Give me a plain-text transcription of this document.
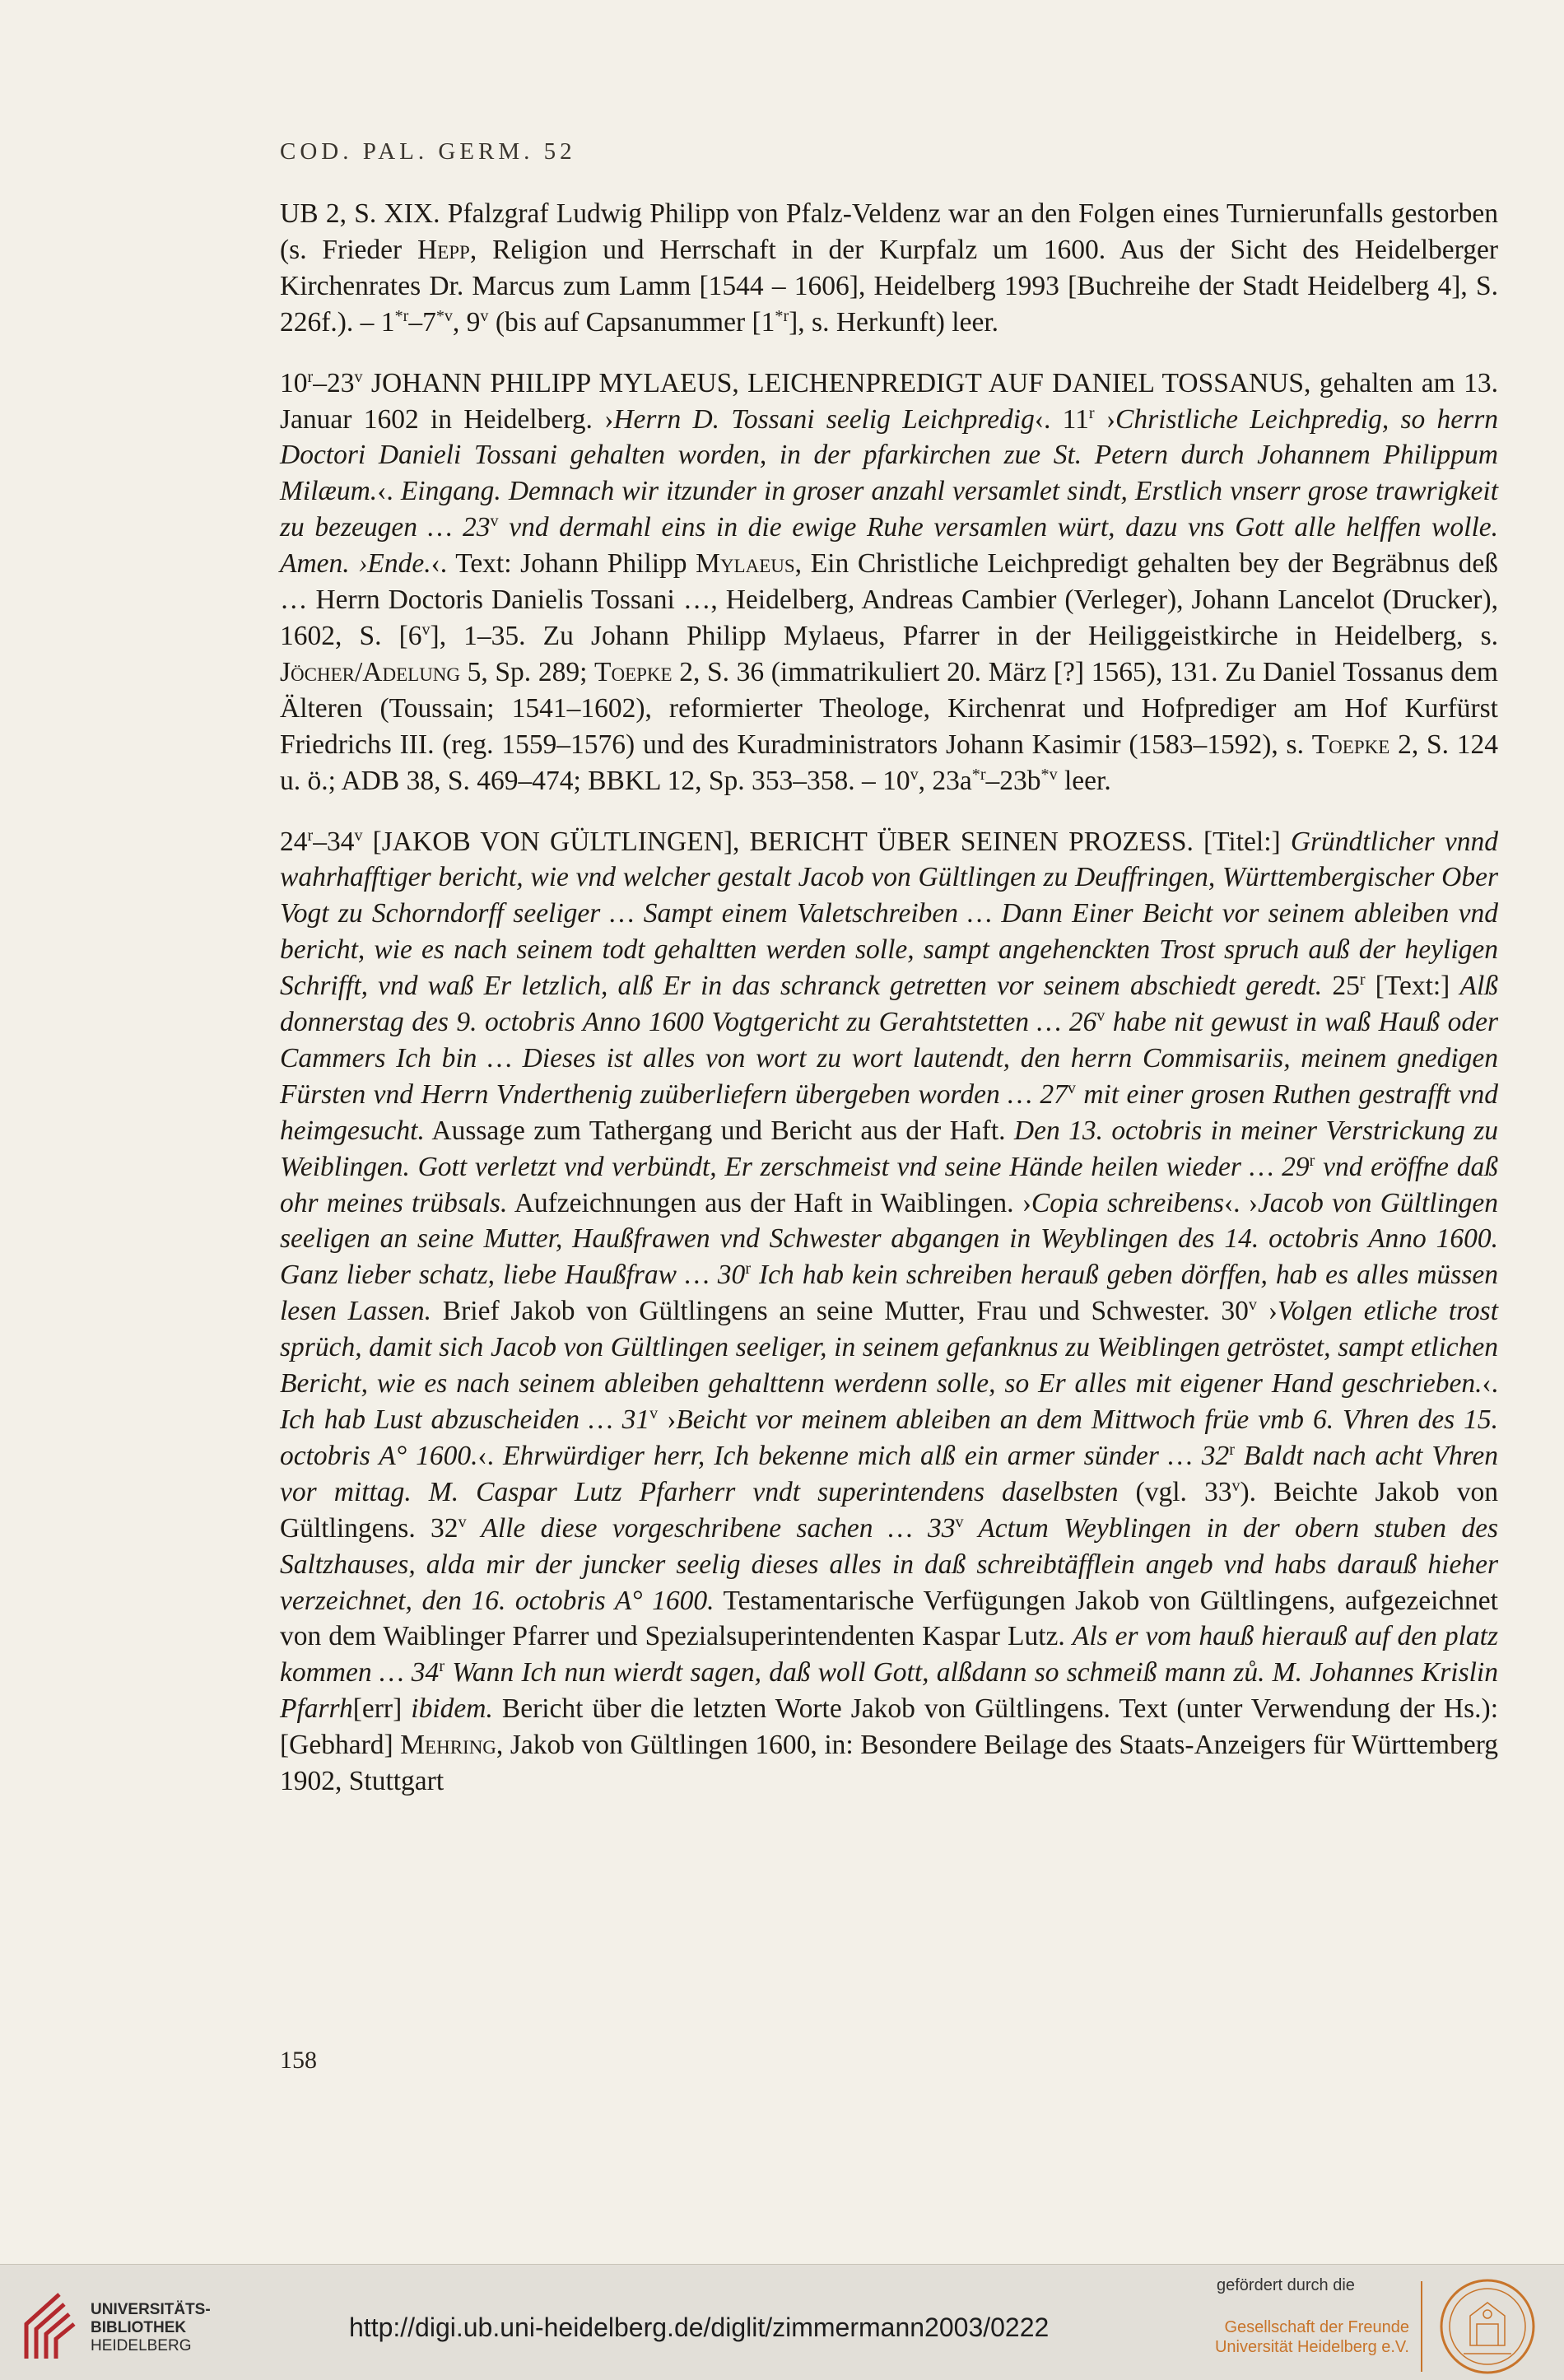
COD. PAL. GERM. 52

UB 2, S. XIX. Pfalzgraf Ludwig Philipp von Pfalz-Veldenz war an den Folgen eines Turnierunfalls gestorben (s. Frieder Hepp, Religion und Herrschaft in der Kurpfalz um 1600. Aus der Sicht des Heidelberger Kirchenrates Dr. Marcus zum Lamm [1544 – 1606], Heidelberg 1993 [Buchreihe der Stadt Heidelberg 4], S. 226f.). – 1$^{*r}$–7$^{*v}$, 9$^v$ (bis auf Capsanummer [1$^{*r}$], s. Herkunft) leer.

10$^r$–23$^v$ JOHANN PHILIPP MYLAEUS, LEICHENPREDIGT AUF DANIEL TOSSANUS, gehalten am 13. Januar 1602 in Heidelberg. ›Herrn D. Tossani seelig Leichpredig‹. 11$^r$ ›Christliche Leichpredig, so herrn Doctori Danieli Tossani gehalten worden, in der pfarkirchen zue St. Petern durch Johannem Philippum Milæum.‹. Eingang. Demnach wir itzunder in groser anzahl versamlet sindt, Erstlich vnserr grose trawrigkeit zu bezeugen … 23$^v$ vnd dermahl eins in die ewige Ruhe versamlen würt, dazu vns Gott alle helffen wolle. Amen. ›Ende.‹. Text: Johann Philipp Mylaeus, Ein Christliche Leichpredigt gehalten bey der Begräbnus deß … Herrn Doctoris Danielis Tossani …, Heidelberg, Andreas Cambier (Verleger), Johann Lancelot (Drucker), 1602, S. [6$^v$], 1–35. Zu Johann Philipp Mylaeus, Pfarrer in der Heiliggeistkirche in Heidelberg, s. Jöcher/Adelung 5, Sp. 289; Toepke 2, S. 36 (immatrikuliert 20. März [?] 1565), 131. Zu Daniel Tossanus dem Älteren (Toussain; 1541–1602), reformierter Theologe, Kirchenrat und Hofprediger am Hof Kurfürst Friedrichs III. (reg. 1559–1576) und des Kuradministrators Johann Kasimir (1583–1592), s. Toepke 2, S. 124 u. ö.; ADB 38, S. 469–474; BBKL 12, Sp. 353–358. – 10$^v$, $23a^{*r}-23b^{*v}$ leer.

24$^r$–34$^v$ [JAKOB VON GÜLTLINGEN], BERICHT ÜBER SEINEN PROZESS. [Titel:] Gründtlicher vnnd wahrhafftiger bericht, wie vnd welcher gestalt Jacob von Gültlingen zu Deuffringen, Württembergischer Ober Vogt zu Schorndorff seeliger … Sampt einem Valetschreiben … Dann Einer Beicht vor seinem ableiben vnd bericht, wie es nach seinem todt gehaltten werden solle, sampt angehenckten Trost spruch auß der heyligen Schrifft, vnd waß Er letzlich, alß Er in das schranck getretten vor seinem abschiedt geredt. 25$^r$ [Text:] Alß donnerstag des 9. octobris Anno 1600 Vogtgericht zu Gerahtstetten … 26$^v$ habe nit gewust in waß Hauß oder Cammers Ich bin … Dieses ist alles von wort zu wort lautendt, den herrn Commisariis, meinem gnedigen Fürsten vnd Herrn Vnderthenig zuüberliefern übergeben worden … 27$^v$ mit einer grosen Ruthen gestrafft vnd heimgesucht. Aussage zum Tathergang und Bericht aus der Haft. Den 13. octobris in meiner Verstrickung zu Weiblingen. Gott verletzt vnd verbündt, Er zerschmeist vnd seine Hände heilen wieder … 29$^r$ vnd eröffne daß ohr meines trübsals. Aufzeichnungen aus der Haft in Waiblingen. ›Copia schreibens‹. ›Jacob von Gültlingen seeligen an seine Mutter, Haußfrawen vnd Schwester abgangen in Weyblingen des 14. octobris Anno 1600. Ganz lieber schatz, liebe Haußfraw … 30$^r$ Ich hab kein schreiben herauß geben dörffen, hab es alles müssen lesen Lassen. Brief Jakob von Gültlingens an seine Mutter, Frau und Schwester. 30$^v$ ›Volgen etliche trost sprüch, damit sich Jacob von Gültlingen seeliger, in seinem gefanknus zu Weiblingen getröstet, sampt etlichen Bericht, wie es nach seinem ableiben gehalttenn werdenn solle, so Er alles mit eigener Hand geschrieben.‹. Ich hab Lust abzuscheiden … 31$^v$ ›Beicht vor meinem ableiben an dem Mittwoch früe vmb 6. Vhren des 15. octobris A° 1600.‹. Ehrwürdiger herr, Ich bekenne mich alß ein armer sünder … 32$^r$ Baldt nach acht Vhren vor mittag. M. Caspar Lutz Pfarherr vndt superintendens daselbsten (vgl. 33$^v$). Beichte Jakob von Gültlingens. 32$^v$ Alle diese vorgeschribene sachen … 33$^v$ Actum Weyblingen in der obern stuben des Saltzhauses, alda mir der juncker seelig dieses alles in daß schreibtäfflein angeb vnd habs darauß hieher verzeichnet, den 16. octobris A° 1600. Testamentarische Verfügungen Jakob von Gültlingens, aufgezeichnet von dem Waiblinger Pfarrer und Spezialsuperintendenten Kaspar Lutz. Als er vom hauß hierauß auf den platz kommen … 34$^r$ Wann Ich nun wierdt sagen, daß woll Gott, alßdann so schmeiß mann zů. M. Johannes Krislin Pfarrh[err] ibidem. Bericht über die letzten Worte Jakob von Gültlingens. Text (unter Verwendung der Hs.): [Gebhard] Mehring, Jakob von Gültlingen 1600, in: Besondere Beilage des Staats-Anzeigers für Württemberg 1902, Stuttgart

158
UNIVERSITÄTS-
BIBLIOTHEK
HEIDELBERG
http://digi.ub.uni-heidelberg.de/diglit/zimmermann2003/0222
gefördert durch die
Gesellschaft der Freunde
Universität Heidelberg e.V.
